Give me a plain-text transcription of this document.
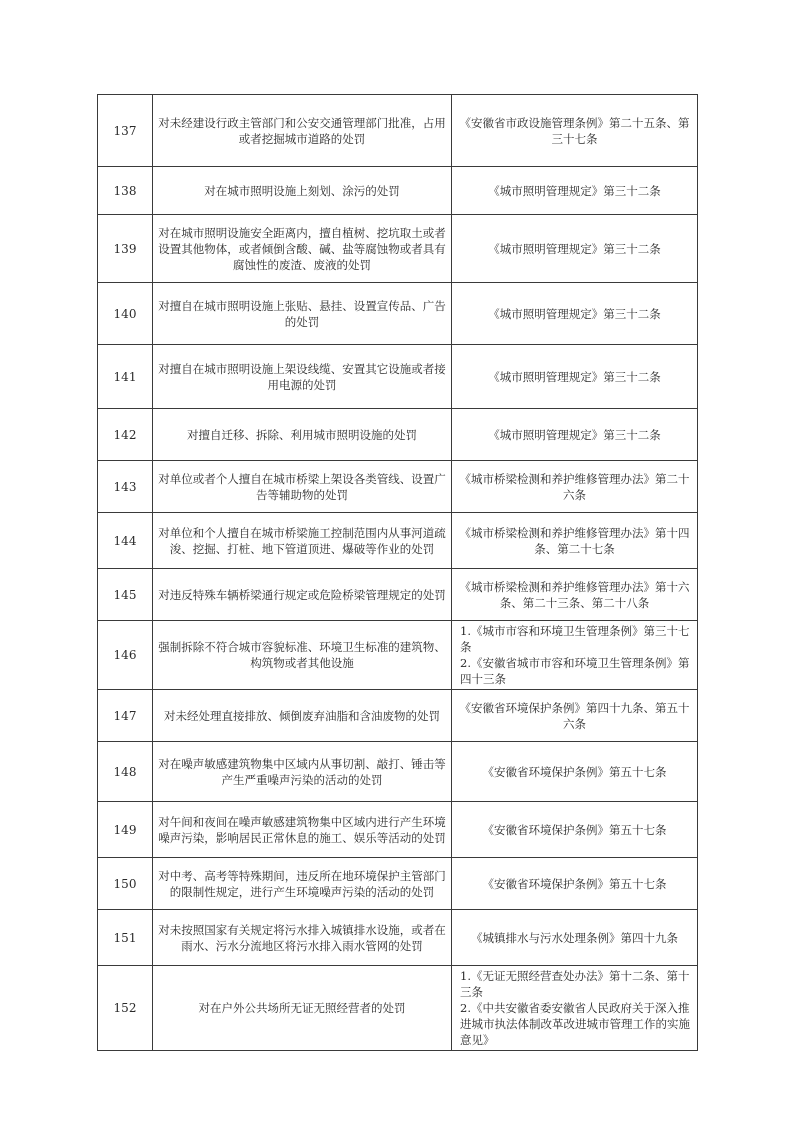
137	对未经建设行政主管部门和公安交通管理部门批准，占用或者挖掘城市道路的处罚	《安徽省市政设施管理条例》第二十五条、第三十七条

138	对在城市照明设施上刻划、涂污的处罚	《城市照明管理规定》第三十二条

139	对在城市照明设施安全距离内，擅自植树、挖坑取土或者设置其他物体，或者倾倒含酸、碱、盐等腐蚀物或者具有腐蚀性的废渣、废液的处罚	《城市照明管理规定》第三十二条

140	对擅自在城市照明设施上张贴、悬挂、设置宣传品、广告的处罚	《城市照明管理规定》第三十二条

141	对擅自在城市照明设施上架设线缆、安置其它设施或者接用电源的处罚	《城市照明管理规定》第三十二条

142	对擅自迁移、拆除、利用城市照明设施的处罚	《城市照明管理规定》第三十二条

143	对单位或者个人擅自在城市桥梁上架设各类管线、设置广告等辅助物的处罚	《城市桥梁检测和养护维修管理办法》第二十六条

144	对单位和个人擅自在城市桥梁施工控制范围内从事河道疏浚、挖掘、打桩、地下管道顶进、爆破等作业的处罚	《城市桥梁检测和养护维修管理办法》第十四条、第二十七条

145	对违反特殊车辆桥梁通行规定或危险桥梁管理规定的处罚	《城市桥梁检测和养护维修管理办法》第十六条、第二十三条、第二十八条

146	强制拆除不符合城市容貌标准、环境卫生标准的建筑物、构筑物或者其他设施	1.《城市市容和环境卫生管理条例》第三十七条
2.《安徽省城市市容和环境卫生管理条例》第四十三条

147	对未经处理直接排放、倾倒废弃油脂和含油废物的处罚	《安徽省环境保护条例》第四十九条、第五十六条

148	对在噪声敏感建筑物集中区域内从事切割、敲打、锤击等产生严重噪声污染的活动的处罚	《安徽省环境保护条例》第五十七条

149	对午间和夜间在噪声敏感建筑物集中区域内进行产生环境噪声污染，影响居民正常休息的施工、娱乐等活动的处罚	《安徽省环境保护条例》第五十七条

150	对中考、高考等特殊期间，违反所在地环境保护主管部门的限制性规定，进行产生环境噪声污染的活动的处罚	《安徽省环境保护条例》第五十七条

151	对未按照国家有关规定将污水排入城镇排水设施，或者在雨水、污水分流地区将污水排入雨水管网的处罚	《城镇排水与污水处理条例》第四十九条

152	对在户外公共场所无证无照经营者的处罚	1.《无证无照经营查处办法》第十二条、第十三条
2.《中共安徽省委安徽省人民政府关于深入推进城市执法体制改革改进城市管理工作的实施意见》
